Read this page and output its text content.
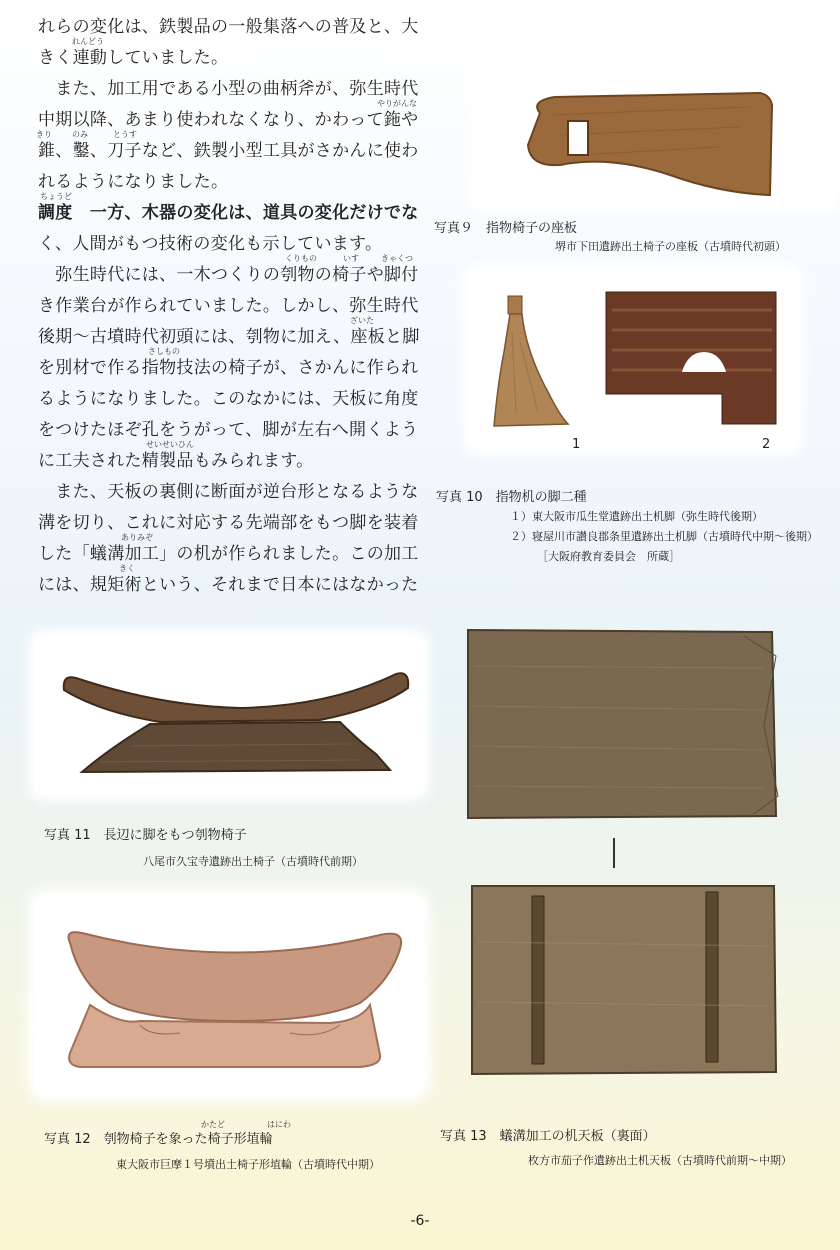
れらの変化は、鉄製品の一般集落への普及と、大
きく連動していました。
　また、加工用である小型の曲柄斧が、弥生時代
中期以降、あまり使われなくなり、かわって鉇や
錐、鑿、刀子など、鉄製小型工具がさかんに使わ
れるようになりました。
調度　一方、木器の変化は、道具の変化だけでな
く、人間がもつ技術の変化も示しています。
　弥生時代には、一木つくりの刳物の椅子や脚付
き作業台が作られていました。しかし、弥生時代
後期〜古墳時代初頭には、刳物に加え、座板と脚
を別材で作る指物技法の椅子が、さかんに作られ
るようになりました。このなかには、天板に角度
をつけたほぞ孔をうがって、脚が左右へ開くよう
に工夫された精製品もみられます。
　また、天板の裏側に断面が逆台形となるような
溝を切り、これに対応する先端部をもつ脚を装着
した「蟻溝加工」の机が作られました。この加工
には、規矩術という、それまで日本にはなかった
れんどう
やりがんな
きり	のみ	とうす
ちょうど
くりもの	いす	きゃくつ
ざいた
さしもの
せいせいひん
ありみぞ
きく
写真９　指物椅子の座板
堺市下田遺跡出土椅子の座板（古墳時代初頭）
1	2
写真 10　指物机の脚二種
１）東大阪市瓜生堂遺跡出土机脚（弥生時代後期）
２）寝屋川市讃良郡条里遺跡出土机脚（古墳時代中期〜後期）
［大阪府教育委員会　所蔵］
写真 11　長辺に脚をもつ刳物椅子
八尾市久宝寺遺跡出土椅子（古墳時代前期）
写真 12　刳物椅子を象った椅子形埴輪
かたど	はにわ
東大阪市巨摩１号墳出土椅子形埴輪（古墳時代中期）
写真 13　蟻溝加工の机天板（裏面）
枚方市茄子作遺跡出土机天板（古墳時代前期〜中期）
-6-
